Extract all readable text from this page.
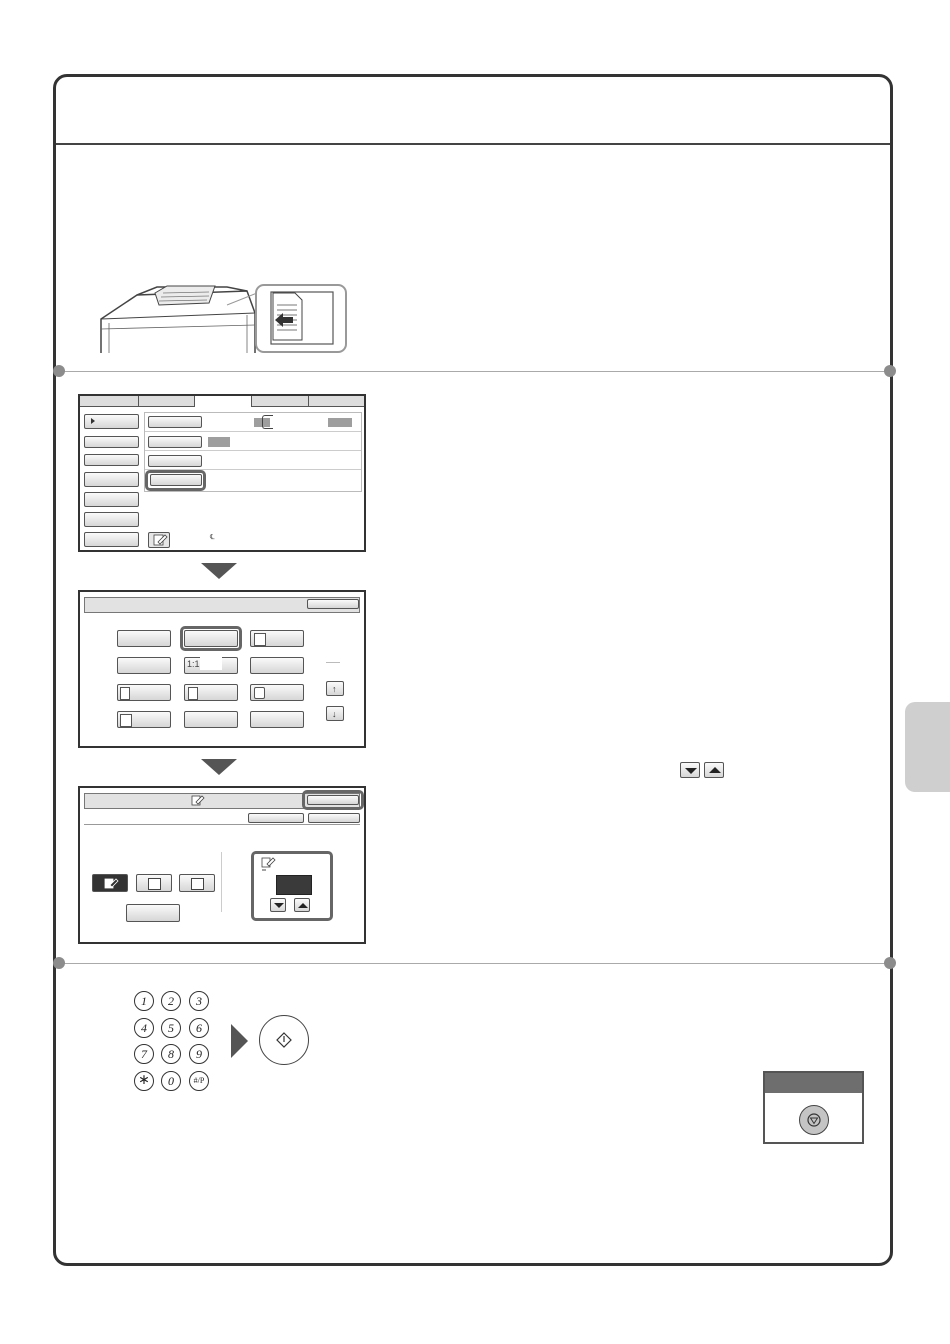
℄
1:1
↑
↓
1	2	3
4	5	6
7	8	9
∗	0	#/P
